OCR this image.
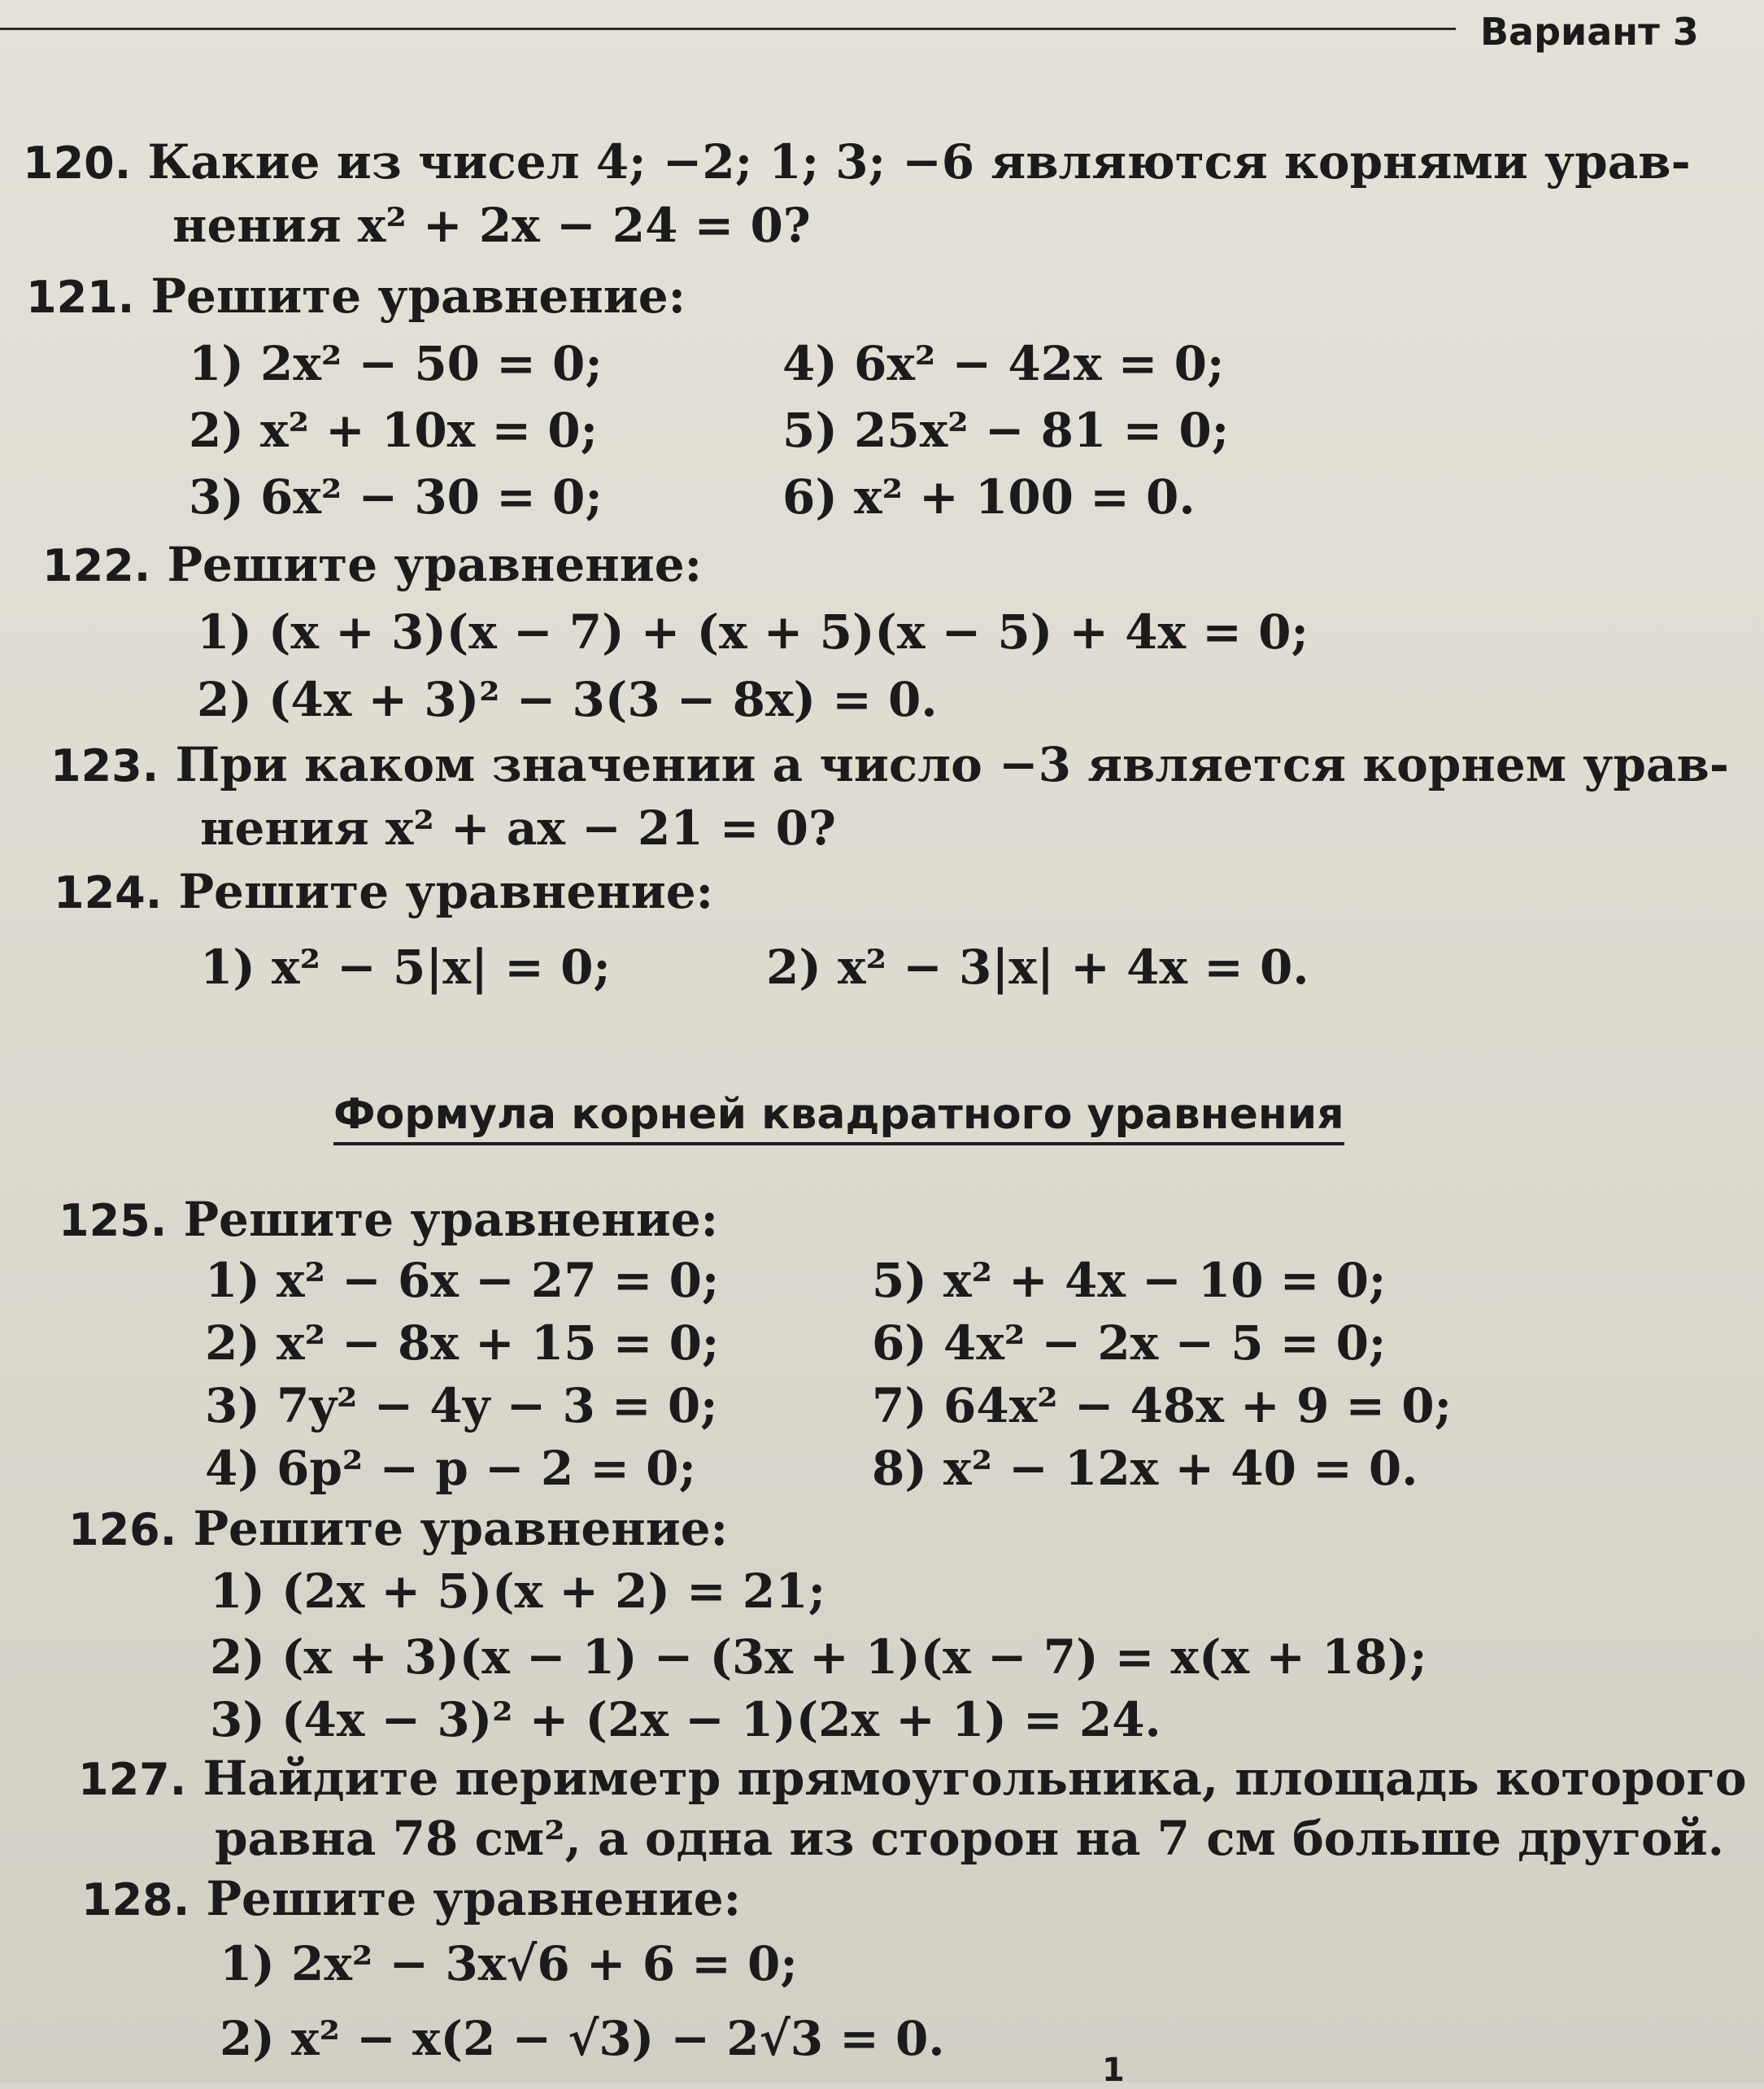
Вариант 3
120. Какие из чисел 4; −2; 1; 3; −6 являются корнями урав-
нения x² + 2x − 24 = 0?
121. Решите уравнение:
1) 2x² − 50 = 0;
2) x² + 10x = 0;
3) 6x² − 30 = 0;
4) 6x² − 42x = 0;
5) 25x² − 81 = 0;
6) x² + 100 = 0.
122. Решите уравнение:
1) (x + 3)(x − 7) + (x + 5)(x − 5) + 4x = 0;
2) (4x + 3)² − 3(3 − 8x) = 0.
123. При каком значении a число −3 является корнем урав-
нения x² + ax − 21 = 0?
124. Решите уравнение:
1) x² − 5|x| = 0;	2) x² − 3|x| + 4x = 0.
Формула корней квадратного уравнения
125. Решите уравнение:
1) x² − 6x − 27 = 0;
2) x² − 8x + 15 = 0;
3) 7y² − 4y − 3 = 0;
4) 6p² − p − 2 = 0;
5) x² + 4x − 10 = 0;
6) 4x² − 2x − 5 = 0;
7) 64x² − 48x + 9 = 0;
8) x² − 12x + 40 = 0.
126. Решите уравнение:
1) (2x + 5)(x + 2) = 21;
2) (x + 3)(x − 1) − (3x + 1)(x − 7) = x(x + 18);
3) (4x − 3)² + (2x − 1)(2x + 1) = 24.
127. Найдите периметр прямоугольника, площадь которого
равна 78 см², а одна из сторон на 7 см больше другой.
128. Решите уравнение:
1) 2x² − 3x√6 + 6 = 0;
2) x² − x(2 − √3) − 2√3 = 0.
1
